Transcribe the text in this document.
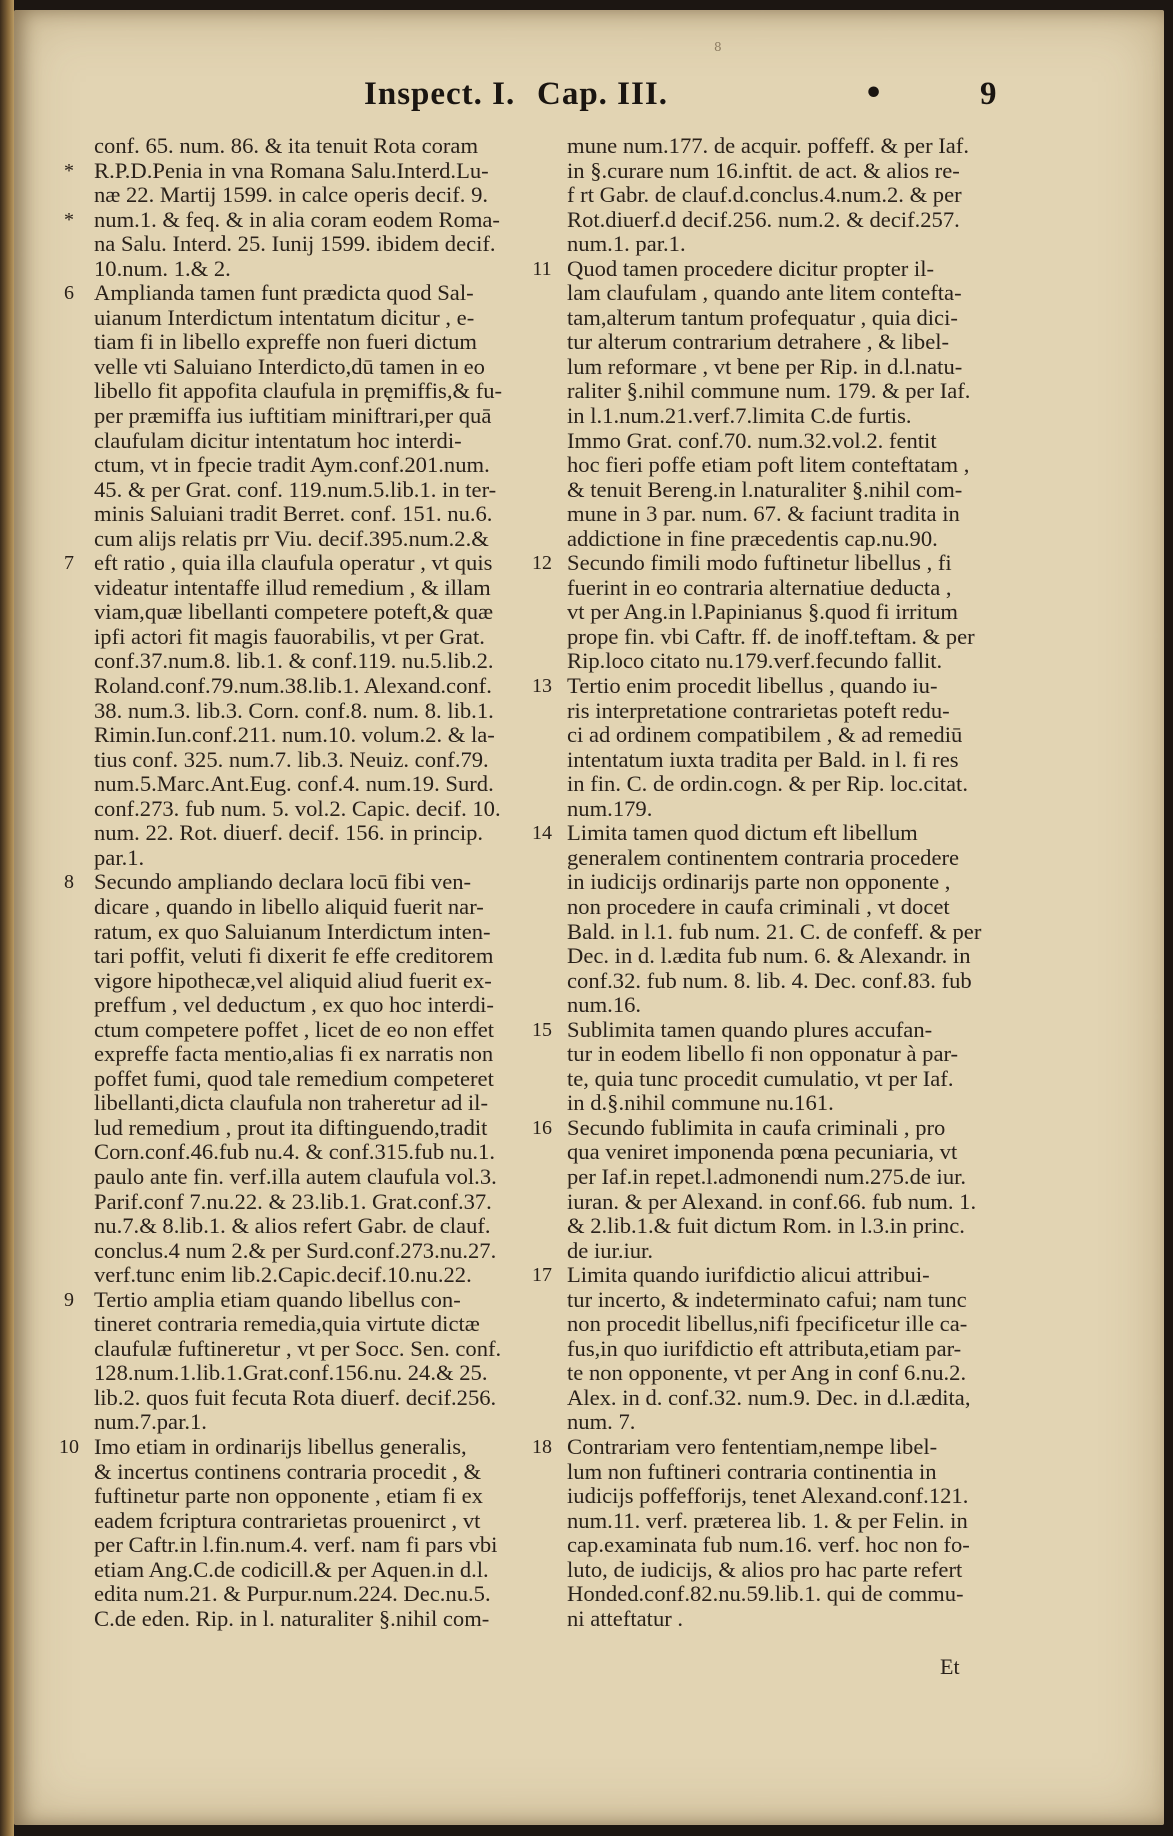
8
Inspect. I. Cap. III.	•	9
conf. 65. num. 86. & ita tenuit Rota coram
* R.P.D.Penia in vna Romana Salu.Interd.Lu-
næ 22. Martij 1599. in calce operis decif. 9.
* num.1. & feq. & in alia coram eodem Roma-
na Salu. Interd. 25. Iunij 1599. ibidem decif.
10.num. 1.& 2.
6 Amplianda tamen funt prædicta quod Sal-
uianum Interdictum intentatum dicitur , e-
tiam fi in libello expreffe non fueri dictum
velle vti Saluiano Interdicto,dū tamen in eo
libello fit appofita claufula in pręmiffis,& fu-
per præmiffa ius iuftitiam miniftrari,per quā
claufulam dicitur intentatum hoc interdi-
ctum, vt in fpecie tradit Aym.conf.201.num.
45. & per Grat. conf. 119.num.5.lib.1. in ter-
minis Saluiani tradit Berret. conf. 151. nu.6.
cum alijs relatis prr Viu. decif.395.num.2.&
7 eft ratio , quia illa claufula operatur , vt quis
videatur intentaffe illud remedium , & illam
viam,quæ libellanti competere poteft,& quæ
ipfi actori fit magis fauorabilis, vt per Grat.
conf.37.num.8. lib.1. & conf.119. nu.5.lib.2.
Roland.conf.79.num.38.lib.1. Alexand.conf.
38. num.3. lib.3. Corn. conf.8. num. 8. lib.1.
Rimin.Iun.conf.211. num.10. volum.2. & la-
tius conf. 325. num.7. lib.3. Neuiz. conf.79.
num.5.Marc.Ant.Eug. conf.4. num.19. Surd.
conf.273. fub num. 5. vol.2. Capic. decif. 10.
num. 22. Rot. diuerf. decif. 156. in princip.
par.1.
8 Secundo ampliando declara locū fibi ven-
dicare , quando in libello aliquid fuerit nar-
ratum, ex quo Saluianum Interdictum inten-
tari poffit, veluti fi dixerit fe effe creditorem
vigore hipothecæ,vel aliquid aliud fuerit ex-
preffum , vel deductum , ex quo hoc interdi-
ctum competere poffet , licet de eo non effet
expreffe facta mentio,alias fi ex narratis non
poffet fumi, quod tale remedium competeret
libellanti,dicta claufula non traheretur ad il-
lud remedium , prout ita diftinguendo,tradit
Corn.conf.46.fub nu.4. & conf.315.fub nu.1.
paulo ante fin. verf.illa autem claufula vol.3.
Parif.conf 7.nu.22. & 23.lib.1. Grat.conf.37.
nu.7.& 8.lib.1. & alios refert Gabr. de clauf.
conclus.4 num 2.& per Surd.conf.273.nu.27.
verf.tunc enim lib.2.Capic.decif.10.nu.22.
9 Tertio amplia etiam quando libellus con-
tineret contraria remedia,quia virtute dictæ
claufulæ fuftineretur , vt per Socc. Sen. conf.
128.num.1.lib.1.Grat.conf.156.nu. 24.& 25.
lib.2. quos fuit fecuta Rota diuerf. decif.256.
num.7.par.1.
10 Imo etiam in ordinarijs libellus generalis,
& incertus continens contraria procedit , &
fuftinetur parte non opponente , etiam fi ex
eadem fcriptura contrarietas prouenirct , vt
per Caftr.in l.fin.num.4. verf. nam fi pars vbi
etiam Ang.C.de codicill.& per Aquen.in d.l.
edita num.21. & Purpur.num.224. Dec.nu.5.
C.de eden. Rip. in l. naturaliter §.nihil com-
mune num.177. de acquir. poffeff. & per Iaf.
in §.curare num 16.inftit. de act. & alios re-
f rt Gabr. de clauf.d.conclus.4.num.2. & per
Rot.diuerf.d decif.256. num.2. & decif.257.
num.1. par.1.
11 Quod tamen procedere dicitur propter il-
lam claufulam , quando ante litem contefta-
tam,alterum tantum profequatur , quia dici-
tur alterum contrarium detrahere , & libel-
lum reformare , vt bene per Rip. in d.l.natu-
raliter §.nihil commune num. 179. & per Iaf.
in l.1.num.21.verf.7.limita C.de furtis.
Immo Grat. conf.70. num.32.vol.2. fentit
hoc fieri poffe etiam poft litem conteftatam ,
& tenuit Bereng.in l.naturaliter §.nihil com-
mune in 3 par. num. 67. & faciunt tradita in
addictione in fine præcedentis cap.nu.90.
12 Secundo fimili modo fuftinetur libellus , fi
fuerint in eo contraria alternatiue deducta ,
vt per Ang.in l.Papinianus §.quod fi irritum
prope fin. vbi Caftr. ff. de inoff.teftam. & per
Rip.loco citato nu.179.verf.fecundo fallit.
13 Tertio enim procedit libellus , quando iu-
ris interpretatione contrarietas poteft redu-
ci ad ordinem compatibilem , & ad remediū
intentatum iuxta tradita per Bald. in l. fi res
in fin. C. de ordin.cogn. & per Rip. loc.citat.
num.179.
14 Limita tamen quod dictum eft libellum
generalem continentem contraria procedere
in iudicijs ordinarijs parte non opponente ,
non procedere in caufa criminali , vt docet
Bald. in l.1. fub num. 21. C. de confeff. & per
Dec. in d. l.ædita fub num. 6. & Alexandr. in
conf.32. fub num. 8. lib. 4. Dec. conf.83. fub
num.16.
15 Sublimita tamen quando plures accufan-
tur in eodem libello fi non opponatur à par-
te, quia tunc procedit cumulatio, vt per Iaf.
in d.§.nihil commune nu.161.
16 Secundo fublimita in caufa criminali , pro
qua veniret imponenda pœna pecuniaria, vt
per Iaf.in repet.l.admonendi num.275.de iur.
iuran. & per Alexand. in conf.66. fub num. 1.
& 2.lib.1.& fuit dictum Rom. in l.3.in princ.
de iur.iur.
17 Limita quando iurifdictio alicui attribui-
tur incerto, & indeterminato cafui; nam tunc
non procedit libellus,nifi fpecificetur ille ca-
fus,in quo iurifdictio eft attributa,etiam par-
te non opponente, vt per Ang in conf 6.nu.2.
Alex. in d. conf.32. num.9. Dec. in d.l.ædita,
num. 7.
18 Contrariam vero fententiam,nempe libel-
lum non fuftineri contraria continentia in
iudicijs poffefforijs, tenet Alexand.conf.121.
num.11. verf. præterea lib. 1. & per Felin. in
cap.examinata fub num.16. verf. hoc non fo-
luto, de iudicijs, & alios pro hac parte refert
Honded.conf.82.nu.59.lib.1. qui de commu-
ni atteftatur .
Et
